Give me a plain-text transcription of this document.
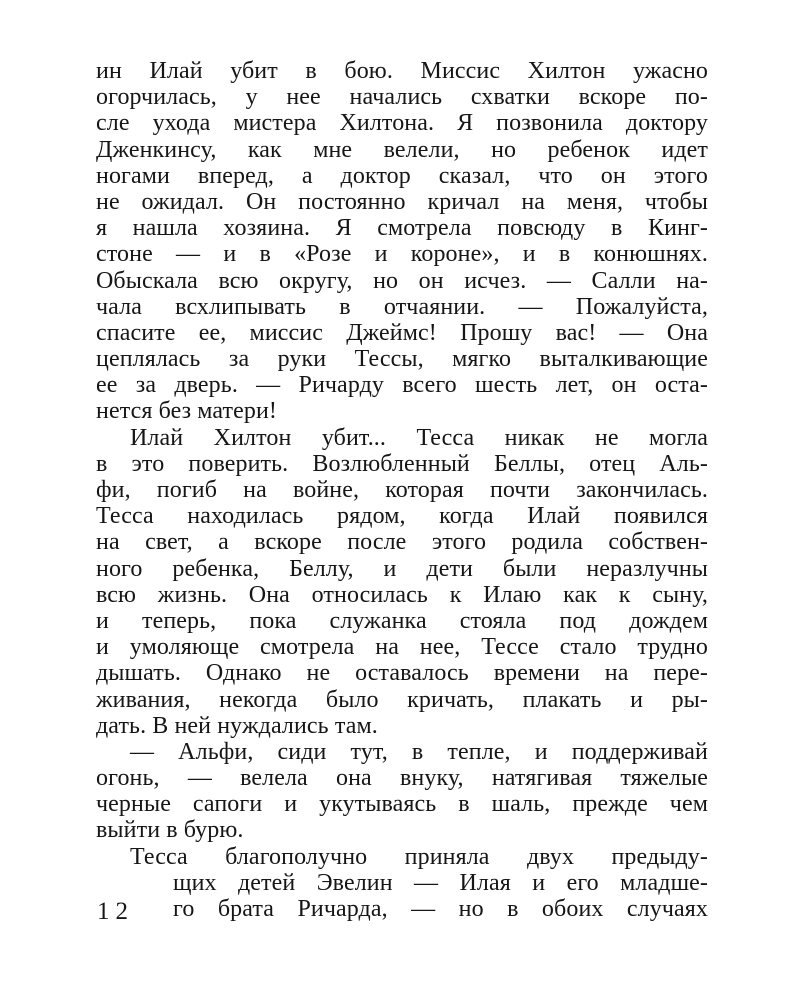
ин Илай убит в бою. Миссис Хилтон ужасно
огорчилась, у нее начались схватки вскоре по-
сле ухода мистера Хилтона. Я позвонила доктору
Дженкинсу, как мне велели, но ребенок идет
ногами вперед, а доктор сказал, что он этого
не ожидал. Он постоянно кричал на меня, чтобы
я нашла хозяина. Я смотрела повсюду в Кинг-
стоне — и в «Розе и короне», и в конюшнях.
Обыскала всю округу, но он исчез. — Салли на-
чала всхлипывать в отчаянии. — Пожалуйста,
спасите ее, миссис Джеймс! Прошу вас! — Она
цеплялась за руки Тессы, мягко выталкивающие
ее за дверь. — Ричарду всего шесть лет, он оста-
нется без матери!
Илай Хилтон убит... Тесса никак не могла
в это поверить. Возлюбленный Беллы, отец Аль-
фи, погиб на войне, которая почти закончилась.
Тесса находилась рядом, когда Илай появился
на свет, а вскоре после этого родила собствен-
ного ребенка, Беллу, и дети были неразлучны
всю жизнь. Она относилась к Илаю как к сыну,
и теперь, пока служанка стояла под дождем
и умоляюще смотрела на нее, Тессе стало трудно
дышать. Однако не оставалось времени на пере-
живания, некогда было кричать, плакать и ры-
дать. В ней нуждались там.
— Альфи, сиди тут, в тепле, и поддерживай
огонь, — велела она внуку, натягивая тяжелые
черные сапоги и укутываясь в шаль, прежде чем
выйти в бурю.
Тесса благополучно приняла двух предыду-
щих детей Эвелин — Илая и его младше-
го брата Ричарда, — но в обоих случаях
12
